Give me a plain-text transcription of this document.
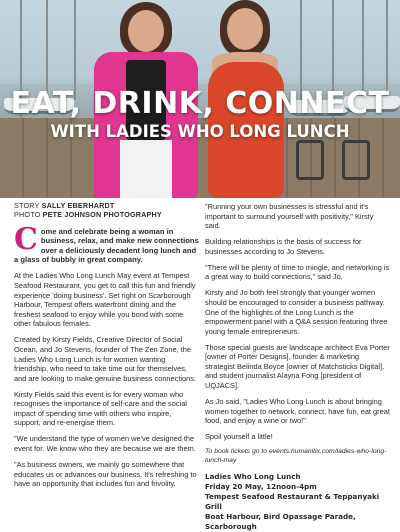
EAT, DRINK, CONNECT
WITH LADIES WHO LONG LUNCH
STORY SALLY EBERHARDT
PHOTO PETE JOHNSON PHOTOGRAPHY

C ome and celebrate being a woman in business, relax, and make new connections over a deliciously decadent long lunch and a glass of bubbly in great company.

At the Ladies Who Long Lunch May event at Tempest Seafood Restaurant, you get to call this fun and friendly experience 'doing business'. Set right on Scarborough Harbour, Tempest offers waterfront dining and the freshest seafood to enjoy while you bond with some other fabulous females.

Created by Kirsty Fields, Creative Director of Social Ocean, and Jo Stevens, founder of The Zen Zone, the Ladies Who Long Lunch is for women wanting friendship, who need to take time out for themselves, and are looking to make genuine business connections.

Kirsty Fields said this event is for every woman who recognises the importance of self-care and the social impact of spending time with others who inspire, support, and re-energise them.

"We understand the type of women we've designed the event for. We know who they are because we are them.

"As business owners, we mainly go somewhere that educates us or advances our business. It's refreshing to have an opportunity that includes fun and frivolity.

"Running your own businesses is stressful and it's important to surround yourself with positivity," Kirsty said.

Building relationships is the basis of success for businesses according to Jo Stevens.

"There will be plenty of time to mingle, and networking is a great way to build connections," said Jo.

Kirsty and Jo both feel strongly that younger women should be encouraged to consider a business pathway. One of the highlights of the Long Lunch is the empowerment panel with a Q&A session featuring three young female entrepreneurs.

Those special guests are landscape architect Eva Porter [owner of Porter Designs], founder & marketing strategist Belinda Boyce [owner of Matchsticks Digital], and student journalist Alayna Fong [president of UQJACS].

As Jo said, "Ladies Who Long Lunch is about bringing women together to network, connect, have fun, eat great food, and enjoy a wine or two!"

Spoil yourself a little!

To book tickets go to events.humanitix.com/ladies-who-long-lunch-may

Ladies Who Long Lunch
Friday 20 May, 12noon-4pm
Tempest Seafood Restaurant & Teppanyaki Grill
Boat Harbour, Bird Opassage Parade, Scarborough
